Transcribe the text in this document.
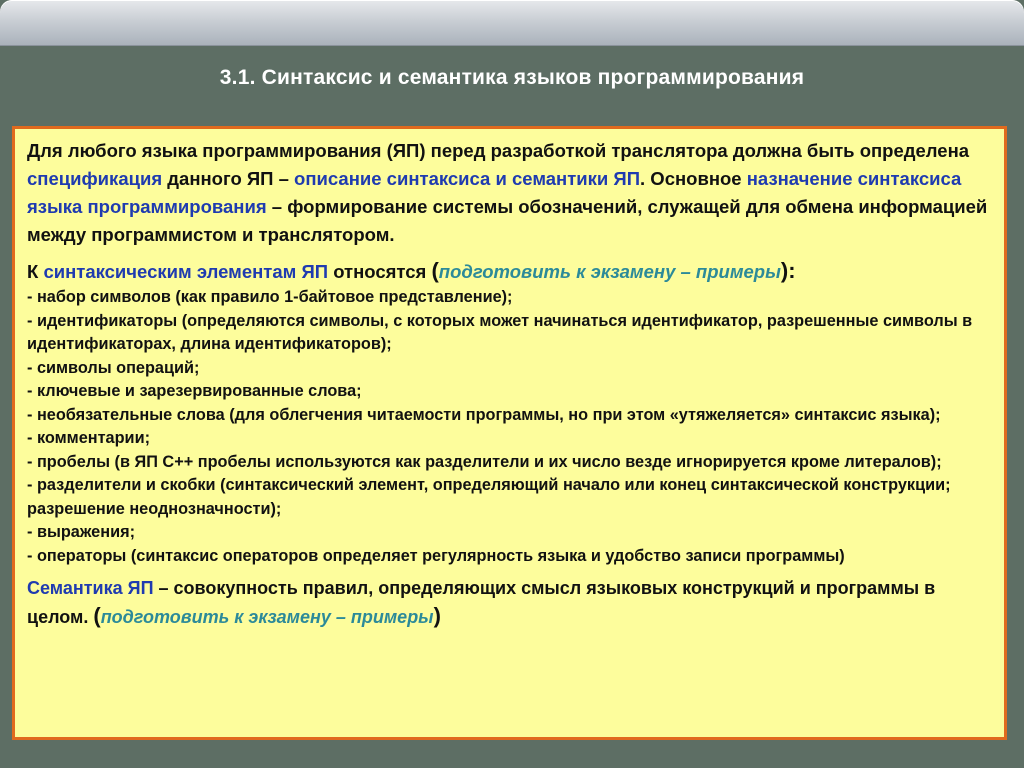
3.1. Синтаксис и семантика языков программирования

Для любого языка программирования (ЯП) перед разработкой транслятора должна быть определена спецификация данного ЯП – описание синтаксиса и семантики ЯП. Основное назначение синтаксиса языка программирования – формирование системы обозначений, служащей для обмена информацией между программистом и транслятором.

К синтаксическим элементам ЯП относятся (подготовить к экзамену – примеры):

- набор символов (как правило 1-байтовое представление);
- идентификаторы (определяются символы, с которых может начинаться идентификатор, разрешенные символы в идентификаторах, длина идентификаторов);
- символы операций;
- ключевые и зарезервированные слова;
- необязательные слова (для облегчения читаемости программы, но при этом «утяжеляется» синтаксис языка);
- комментарии;
- пробелы (в ЯП С++ пробелы используются как разделители и их число везде игнорируется кроме литералов);
- разделители и скобки (синтаксический элемент, определяющий начало или конец синтаксической конструкции; разрешение неоднозначности);
- выражения;
- операторы (синтаксис операторов определяет регулярность языка и удобство записи программы)

Семантика ЯП – совокупность правил, определяющих смысл языковых конструкций и программы в целом. (подготовить к экзамену – примеры)
